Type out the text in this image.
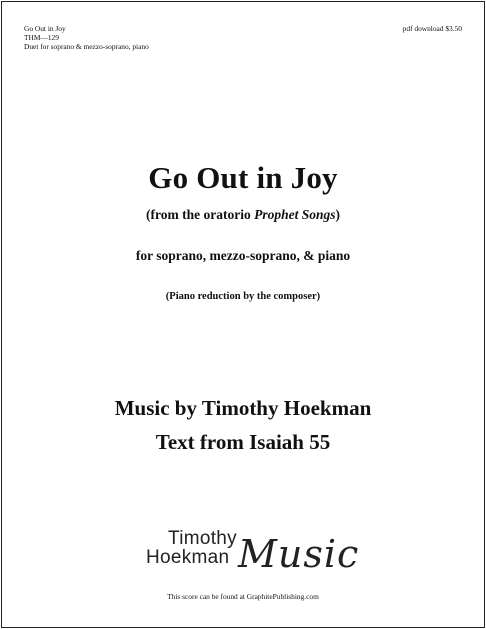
Go Out in Joy
THM—129
Duet for soprano & mezzo-soprano, piano
pdf download $3.50
Go Out in Joy
(from the oratorio Prophet Songs)
for soprano, mezzo-soprano, & piano
(Piano reduction by the composer)
Music by Timothy Hoekman
Text from Isaiah 55
Timothy
Hoekman Music
This score can be found at GraphitePublishing.com
